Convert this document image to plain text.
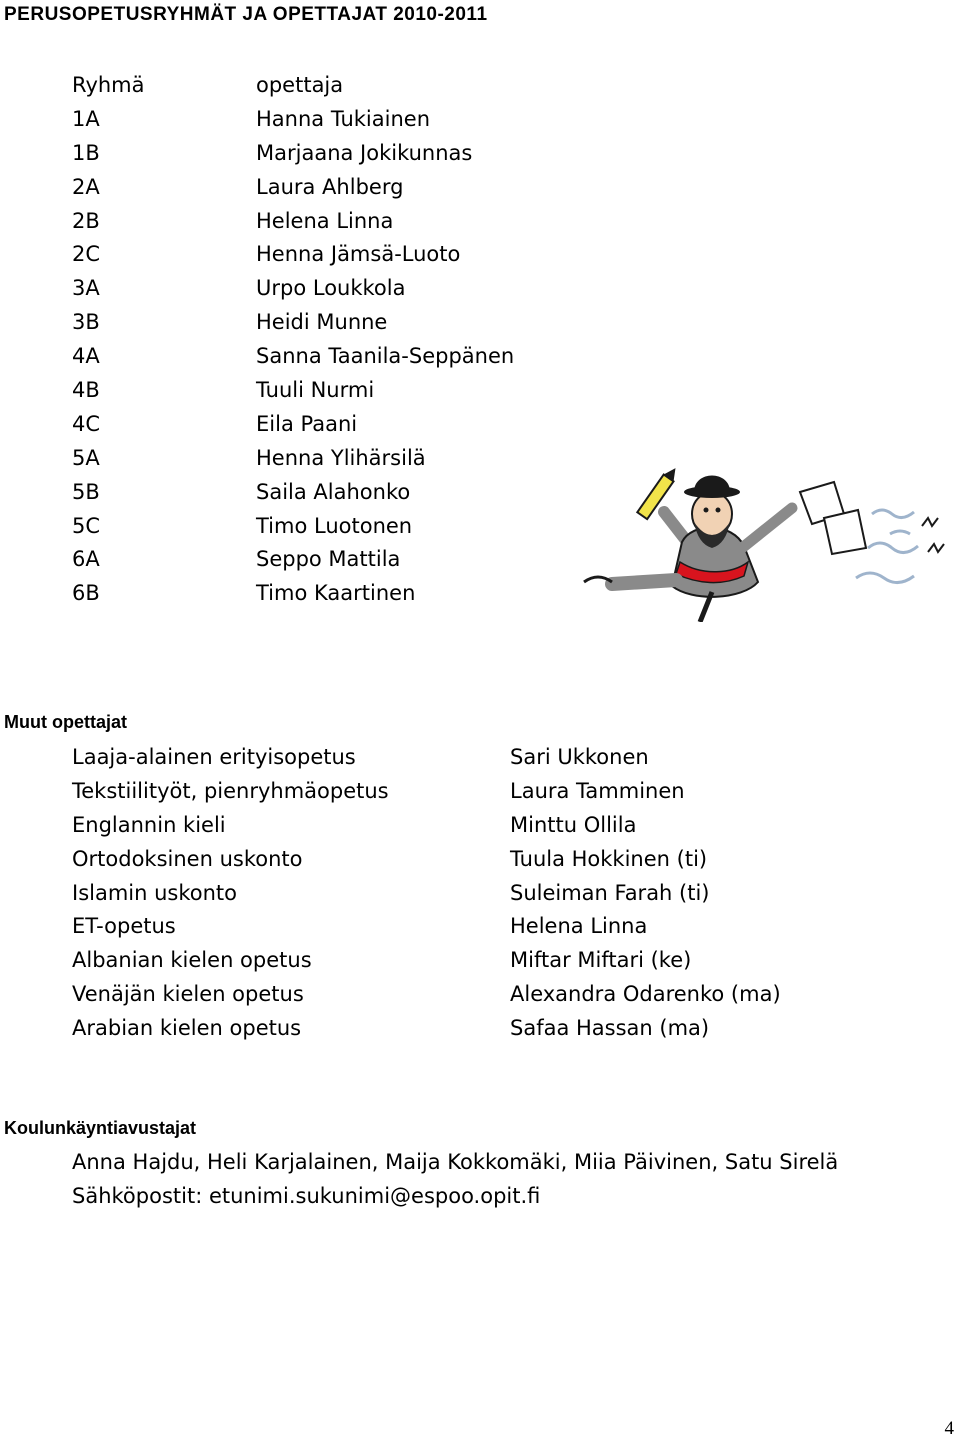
PERUSOPETUSRYHMÄT JA OPETTAJAT 2010-2011
Ryhmä	opettaja
1A	Hanna Tukiainen
1B	Marjaana Jokikunnas
2A	Laura Ahlberg
2B	Helena Linna
2C	Henna Jämsä-Luoto
3A	Urpo Loukkola
3B	Heidi Munne
4A	Sanna Taanila-Seppänen
4B	Tuuli Nurmi
4C	Eila Paani
5A	Henna Ylihärsilä
5B	Saila Alahonko
5C	Timo Luotonen
6A	Seppo Mattila
6B	Timo Kaartinen
Muut opettajat
Laaja-alainen erityisopetus	Sari Ukkonen
Tekstiilityöt, pienryhmäopetus	Laura Tamminen
Englannin kieli	Minttu Ollila
Ortodoksinen uskonto	Tuula Hokkinen (ti)
Islamin uskonto	Suleiman Farah (ti)
ET-opetus	Helena Linna
Albanian kielen opetus	Miftar Miftari (ke)
Venäjän kielen opetus	Alexandra Odarenko (ma)
Arabian kielen opetus	Safaa Hassan (ma)
Koulunkäyntiavustajat
Anna Hajdu, Heli Karjalainen, Maija Kokkomäki, Miia Päivinen, Satu Sirelä
Sähköpostit: etunimi.sukunimi@espoo.opit.fi
4
